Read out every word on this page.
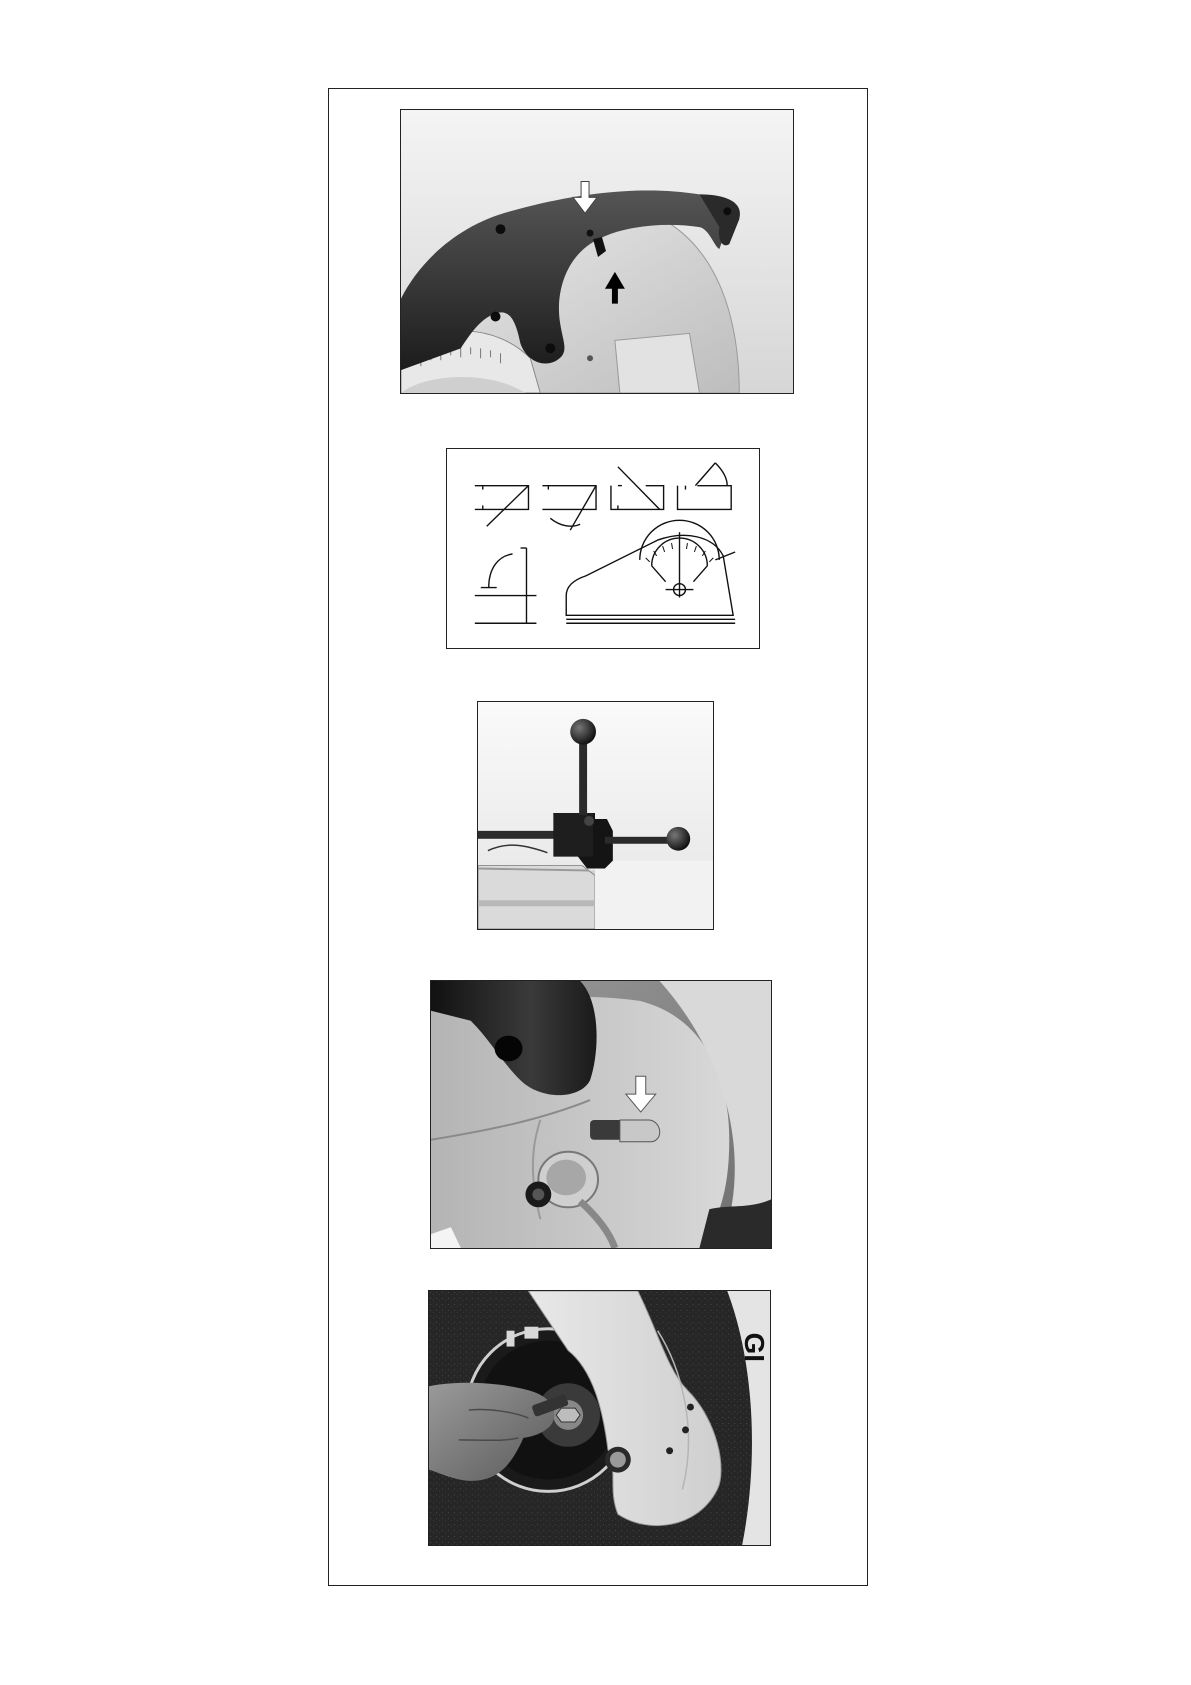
GI
